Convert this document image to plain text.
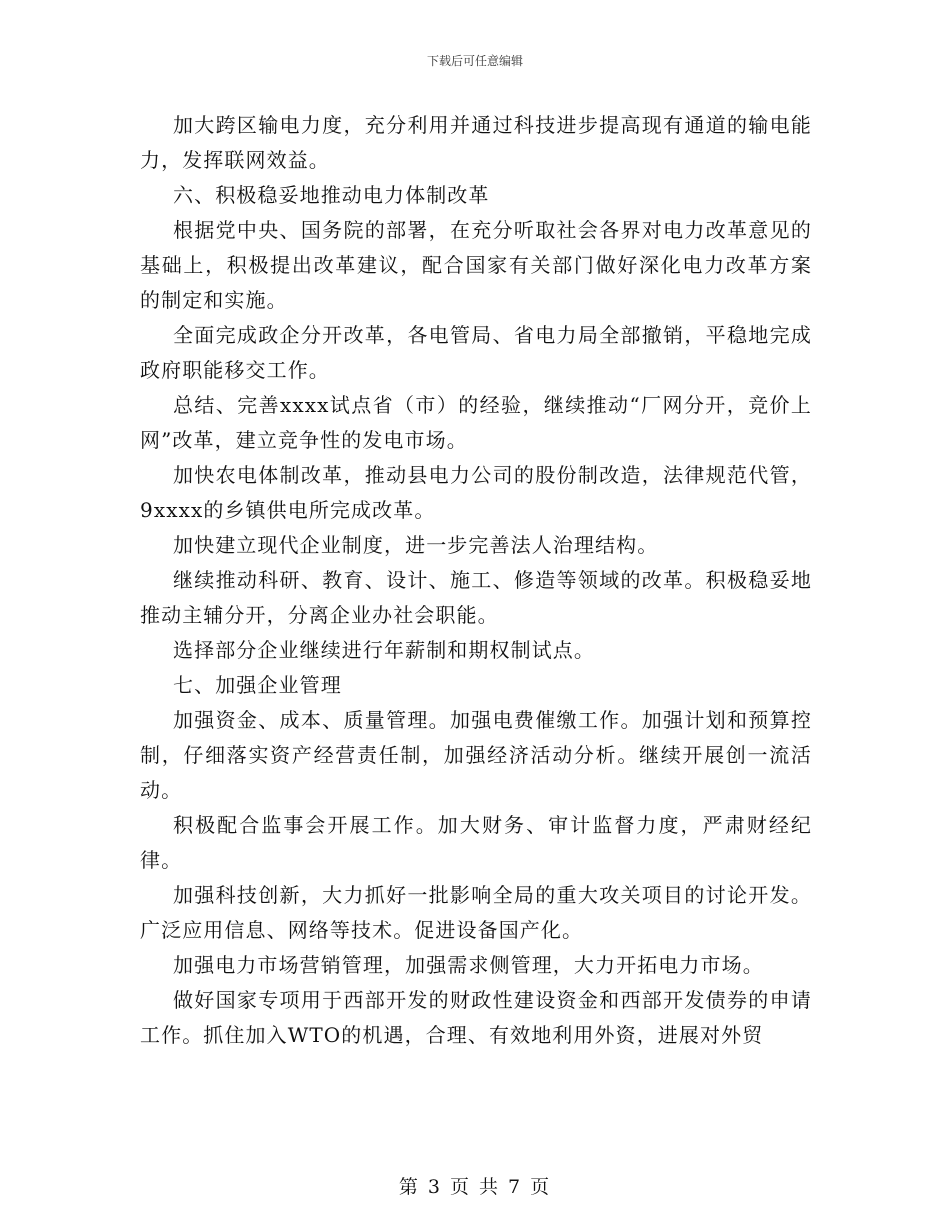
下载后可任意编辑

加大跨区输电力度，充分利用并通过科技进步提高现有通道的输电能力，发挥联网效益。

六、积极稳妥地推动电力体制改革

根据党中央、国务院的部署，在充分听取社会各界对电力改革意见的基础上，积极提出改革建议，配合国家有关部门做好深化电力改革方案的制定和实施。

全面完成政企分开改革，各电管局、省电力局全部撤销，平稳地完成政府职能移交工作。

总结、完善xxxx试点省（市）的经验，继续推动“厂网分开，竞价上网”改革，建立竞争性的发电市场。

加快农电体制改革，推动县电力公司的股份制改造，法律规范代管，9xxxx的乡镇供电所完成改革。

加快建立现代企业制度，进一步完善法人治理结构。

继续推动科研、教育、设计、施工、修造等领域的改革。积极稳妥地推动主辅分开，分离企业办社会职能。

选择部分企业继续进行年薪制和期权制试点。

七、加强企业管理

加强资金、成本、质量管理。加强电费催缴工作。加强计划和预算控制，仔细落实资产经营责任制，加强经济活动分析。继续开展创一流活动。

积极配合监事会开展工作。加大财务、审计监督力度，严肃财经纪律。

加强科技创新，大力抓好一批影响全局的重大攻关项目的讨论开发。广泛应用信息、网络等技术。促进设备国产化。

加强电力市场营销管理，加强需求侧管理，大力开拓电力市场。

做好国家专项用于西部开发的财政性建设资金和西部开发债券的申请工作。抓住加入WTO的机遇，合理、有效地利用外资，进展对外贸

第 3 页 共 7 页
